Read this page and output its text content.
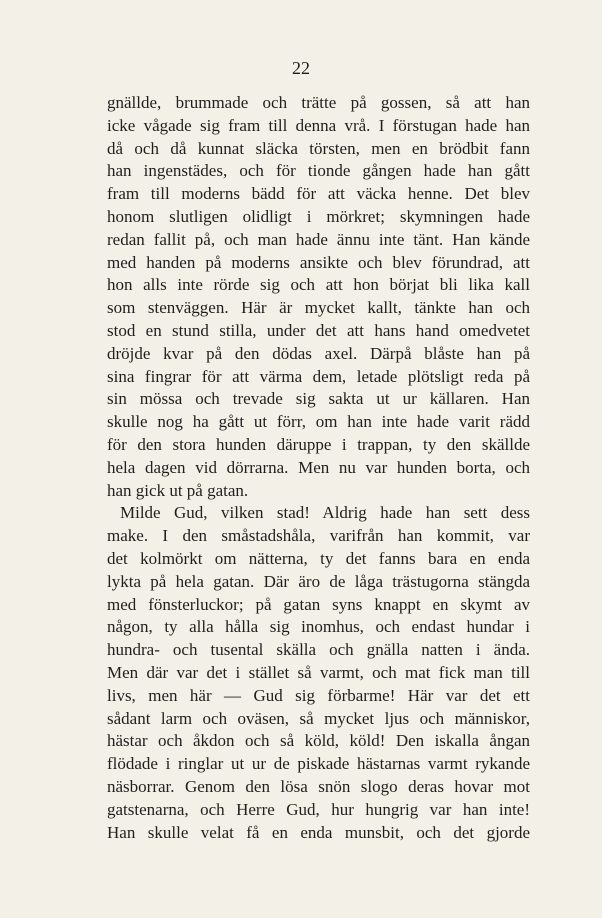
22
gnällde, brummade och trätte på gossen, så att han
icke vågade sig fram till denna vrå. I förstugan hade han
då och då kunnat släcka törsten, men en brödbit fann
han ingenstädes, och för tionde gången hade han gått
fram till moderns bädd för att väcka henne. Det blev
honom slutligen olidligt i mörkret; skymningen hade
redan fallit på, och man hade ännu inte tänt. Han kände
med handen på moderns ansikte och blev förundrad, att
hon alls inte rörde sig och att hon börjat bli lika kall
som stenväggen. Här är mycket kallt, tänkte han och
stod en stund stilla, under det att hans hand omedvetet
dröjde kvar på den dödas axel. Därpå blåste han på
sina fingrar för att värma dem, letade plötsligt reda på
sin mössa och trevade sig sakta ut ur källaren. Han
skulle nog ha gått ut förr, om han inte hade varit rädd
för den stora hunden däruppe i trappan, ty den skällde
hela dagen vid dörrarna. Men nu var hunden borta, och
han gick ut på gatan.
Milde Gud, vilken stad! Aldrig hade han sett dess
make. I den småstadshåla, varifrån han kommit, var
det kolmörkt om nätterna, ty det fanns bara en enda
lykta på hela gatan. Där äro de låga trästugorna stängda
med fönsterluckor; på gatan syns knappt en skymt av
någon, ty alla hålla sig inomhus, och endast hundar i
hundra- och tusental skälla och gnälla natten i ända.
Men där var det i stället så varmt, och mat fick man till
livs, men här — Gud sig förbarme! Här var det ett
sådant larm och oväsen, så mycket ljus och människor,
hästar och åkdon och så köld, köld! Den iskalla ångan
flödade i ringlar ut ur de piskade hästarnas varmt rykande
näsborrar. Genom den lösa snön slogo deras hovar mot
gatstenarna, och Herre Gud, hur hungrig var han inte!
Han skulle velat få en enda munsbit, och det gjorde
